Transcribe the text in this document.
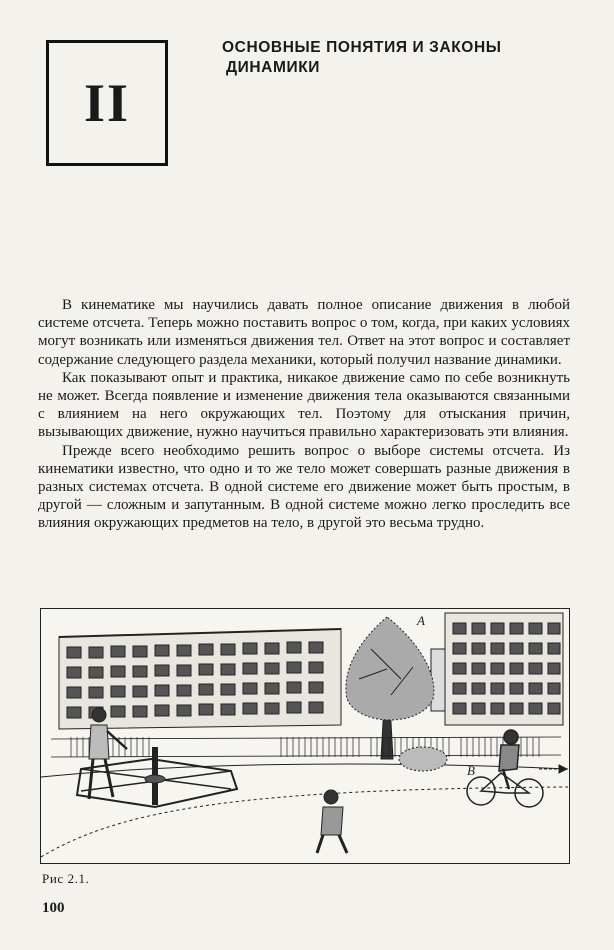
II
ОСНОВНЫЕ ПОНЯТИЯ И ЗАКОНЫ
ДИНАМИКИ

В кинематике мы научились давать полное описание движения в любой системе отсчета. Теперь можно поставить вопрос о том, когда, при каких условиях могут возникать или изменяться движения тел. Ответ на этот вопрос и составляет содержание следующего раздела механики, который получил название динамики.

Как показывают опыт и практика, никакое движение само по себе возникнуть не может. Всегда появление и изменение движения тела оказываются связанными с влиянием на него окружающих тел. Поэтому для отыскания причин, вызывающих движение, нужно научиться правильно характеризовать эти влияния.

Прежде всего необходимо решить вопрос о выборе системы отсчета. Из кинематики известно, что одно и то же тело может совершать разные движения в разных системах отсчета. В одной системе его движение может быть простым, в другой — сложным и запутанным. В одной системе можно легко проследить все влияния окружающих предметов на тело, в другой это весьма трудно.

A
B
Рис 2.1.
100
